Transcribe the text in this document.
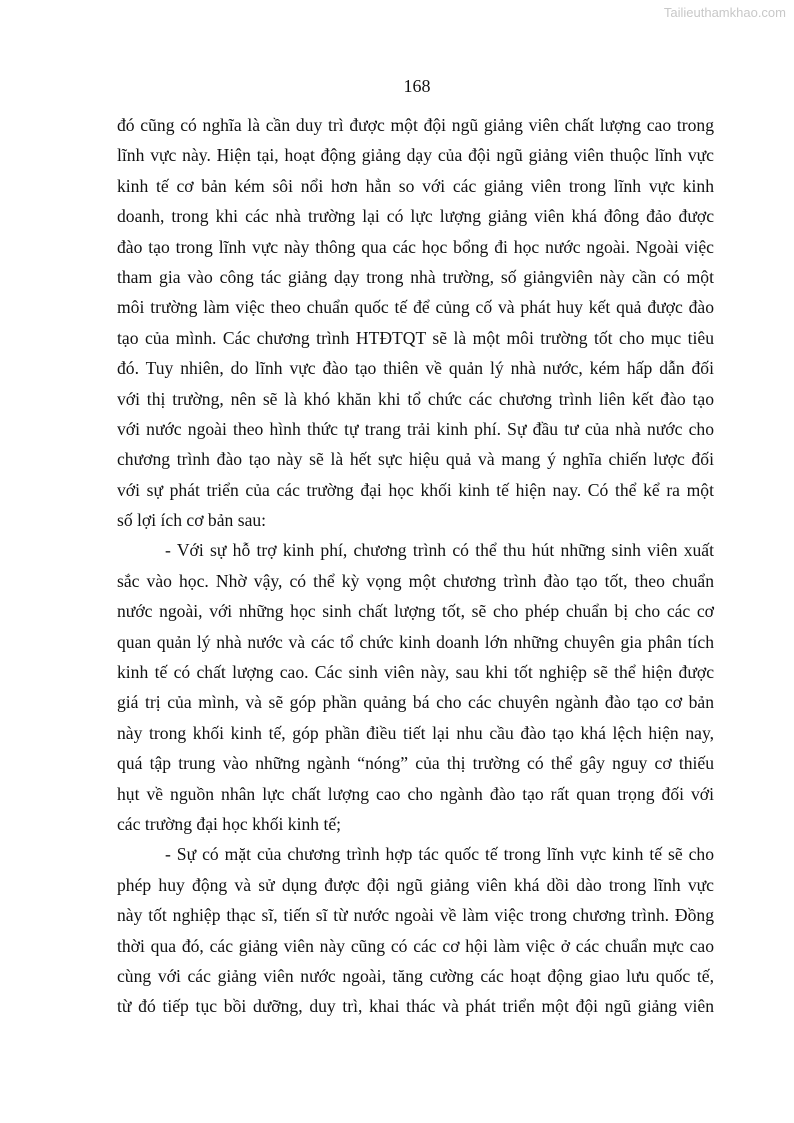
Tailieuthamkhao.com
168
đó cũng có nghĩa là cần duy trì được một đội ngũ giảng viên chất lượng cao trong
lĩnh vực này. Hiện tại, hoạt động giảng dạy của đội ngũ giảng viên thuộc lĩnh vực
kinh tế cơ bản kém sôi nổi hơn hẳn so với các giảng viên trong lĩnh vực kinh
doanh, trong khi các nhà trường lại có lực lượng giảng viên khá đông đảo được
đào tạo trong lĩnh vực này thông qua các học bổng đi học nước ngoài. Ngoài việc
tham gia vào công tác giảng dạy trong nhà trường, số giảngviên này cần có một
môi trường làm việc theo chuẩn quốc tế để củng cố và phát huy kết quả được đào
tạo của mình. Các chương trình HTĐTQT sẽ là một môi trường tốt cho mục tiêu
đó. Tuy nhiên, do lĩnh vực đào tạo thiên về quản lý nhà nước, kém hấp dẫn đối
với thị trường, nên sẽ là khó khăn khi tổ chức các chương trình liên kết đào tạo
với nước ngoài theo hình thức tự trang trải kinh phí. Sự đầu tư của nhà nước cho
chương trình đào tạo này sẽ là hết sực hiệu quả và mang ý nghĩa chiến lược đối
với sự phát triển của các trường đại học khối kinh tế hiện nay. Có thể kể ra một
số lợi ích cơ bản sau:
- Với sự hỗ trợ kinh phí, chương trình có thể thu hút những sinh viên xuất
sắc vào học. Nhờ vậy, có thể kỳ vọng một chương trình đào tạo tốt, theo chuẩn
nước ngoài, với những học sinh chất lượng tốt, sẽ cho phép chuẩn bị cho các cơ
quan quản lý nhà nước và các tổ chức kinh doanh lớn những chuyên gia phân tích
kinh tế có chất lượng cao. Các sinh viên này, sau khi tốt nghiệp sẽ thể hiện được
giá trị của mình, và sẽ góp phần quảng bá cho các chuyên ngành đào tạo cơ bản
này trong khối kinh tế, góp phần điều tiết lại nhu cầu đào tạo khá lệch hiện nay,
quá tập trung vào những ngành “nóng” của thị trường có thể gây nguy cơ thiếu
hụt về nguồn nhân lực chất lượng cao cho ngành đào tạo rất quan trọng đối với
các trường đại học khối kinh tế;
- Sự có mặt của chương trình hợp tác quốc tế trong lĩnh vực kinh tế sẽ cho
phép huy động và sử dụng được đội ngũ giảng viên khá dồi dào trong lĩnh vực
này tốt nghiệp thạc sĩ, tiến sĩ từ nước ngoài về làm việc trong chương trình. Đồng
thời qua đó, các giảng viên này cũng có các cơ hội làm việc ở các chuẩn mực cao
cùng với các giảng viên nước ngoài, tăng cường các hoạt động giao lưu quốc tế,
từ đó tiếp tục bồi dưỡng, duy trì, khai thác và phát triển một đội ngũ giảng viên
